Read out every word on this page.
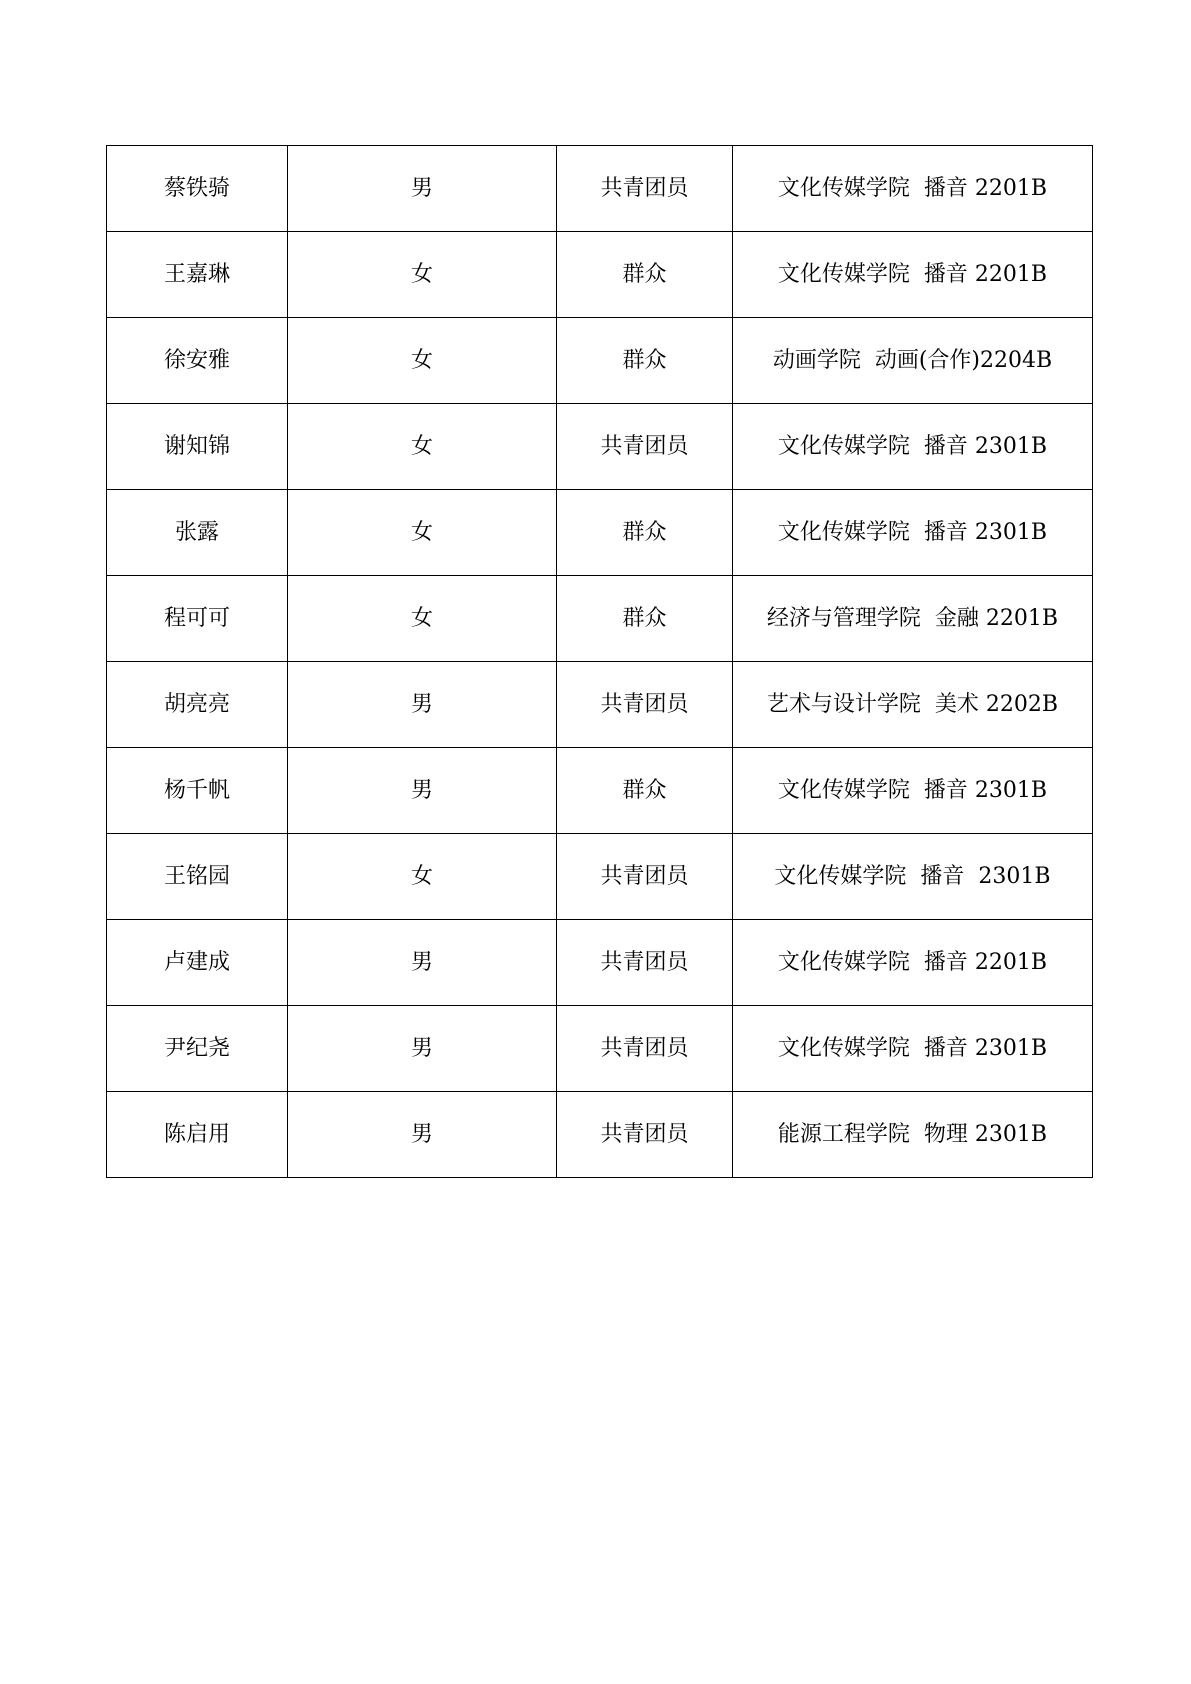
蔡铁骑	男	共青团员	文化传媒学院  播音 2201B
王嘉琳	女	群众	文化传媒学院  播音 2201B
徐安雅	女	群众	动画学院  动画(合作)2204B
谢知锦	女	共青团员	文化传媒学院  播音 2301B
张露	女	群众	文化传媒学院  播音 2301B
程可可	女	群众	经济与管理学院  金融 2201B
胡亮亮	男	共青团员	艺术与设计学院  美术 2202B
杨千帆	男	群众	文化传媒学院  播音 2301B
王铭园	女	共青团员	文化传媒学院  播音  2301B
卢建成	男	共青团员	文化传媒学院  播音 2201B
尹纪尧	男	共青团员	文化传媒学院  播音 2301B
陈启用	男	共青团员	能源工程学院  物理 2301B
